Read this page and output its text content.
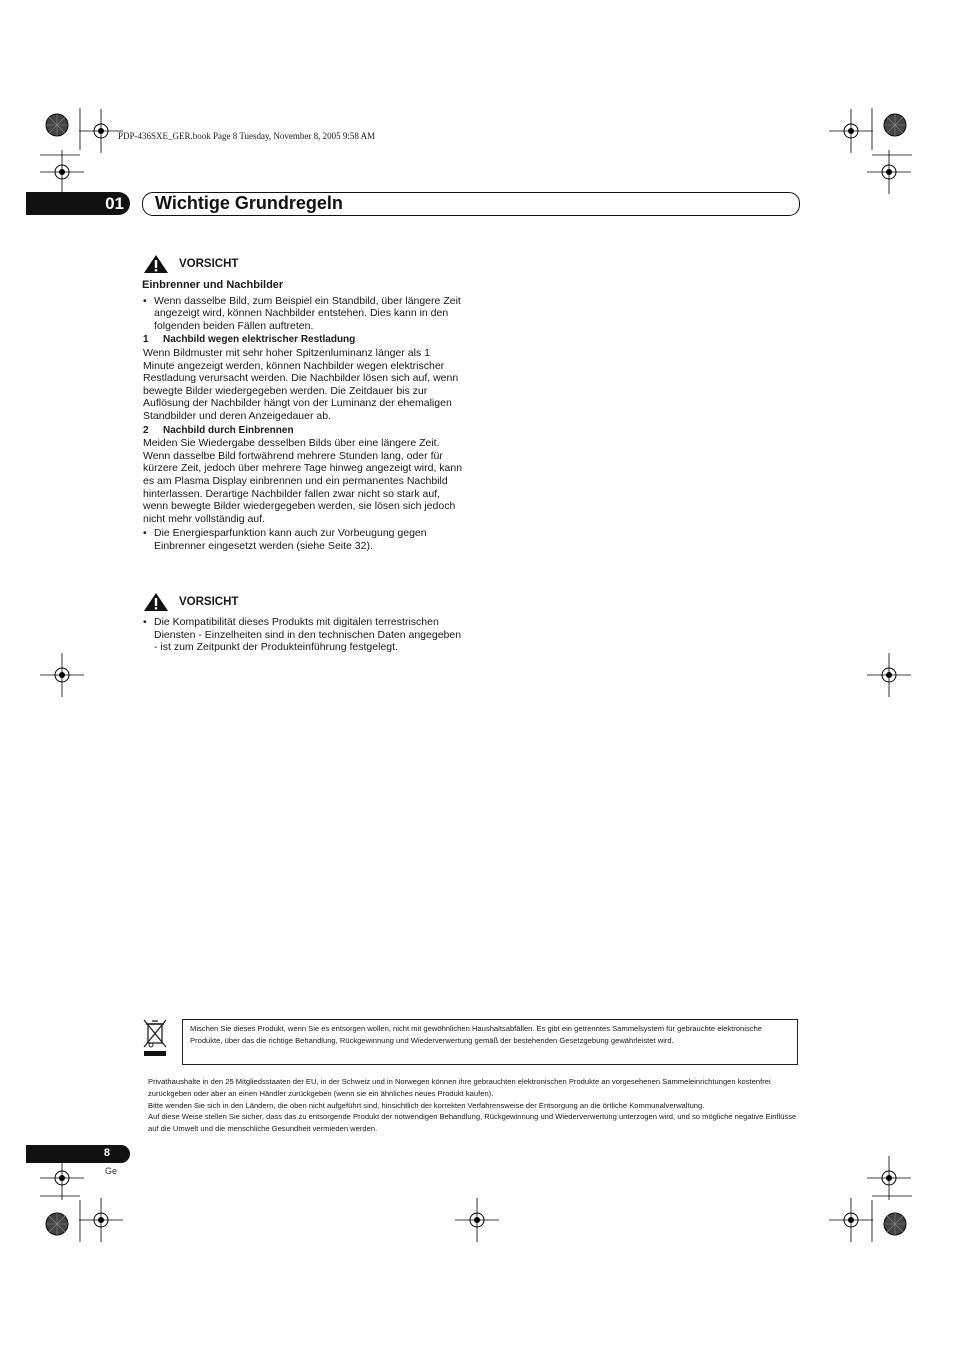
PDP-436SXE_GER.book Page 8 Tuesday, November 8, 2005 9:58 AM
01 Wichtige Grundregeln
VORSICHT
Einbrenner und Nachbilder
• Wenn dasselbe Bild, zum Beispiel ein Standbild, über längere Zeit angezeigt wird, können Nachbilder entstehen. Dies kann in den folgenden beiden Fällen auftreten.
1 Nachbild wegen elektrischer Restladung
Wenn Bildmuster mit sehr hoher Spitzenluminanz länger als 1 Minute angezeigt werden, können Nachbilder wegen elektrischer Restladung verursacht werden. Die Nachbilder lösen sich auf, wenn bewegte Bilder wiedergegeben werden. Die Zeitdauer bis zur Auflösung der Nachbilder hängt von der Luminanz der ehemaligen Standbilder und deren Anzeigedauer ab.
2 Nachbild durch Einbrennen
Meiden Sie Wiedergabe desselben Bilds über eine längere Zeit. Wenn dasselbe Bild fortwährend mehrere Stunden lang, oder für kürzere Zeit, jedoch über mehrere Tage hinweg angezeigt wird, kann es am Plasma Display einbrennen und ein permanentes Nachbild hinterlassen. Derartige Nachbilder fallen zwar nicht so stark auf, wenn bewegte Bilder wiedergegeben werden, sie lösen sich jedoch nicht mehr vollständig auf.
• Die Energiesparfunktion kann auch zur Vorbeugung gegen Einbrenner eingesetzt werden (siehe Seite 32).
VORSICHT
• Die Kompatibilität dieses Produkts mit digitalen terrestrischen Diensten - Einzelheiten sind in den technischen Daten angegeben - ist zum Zeitpunkt der Produkteinführung festgelegt.
Mischen Sie dieses Produkt, wenn Sie es entsorgen wollen, nicht mit gewöhnlichen Haushaltsabfällen. Es gibt ein getrenntes Sammelsystem für gebrauchte elektronische Produkte, über das die richtige Behandlung, Rückgewinnung und Wiederverwertung gemäß der bestehenden Gesetzgebung gewährleistet wird.
Privathaushalte in den 25 Mitgliedsstaaten der EU, in der Schweiz und in Norwegen können ihre gebrauchten elektronischen Produkte an vorgesehenen Sammeleinrichtungen kostenfrei zurückgeben oder aber an einen Händler zurückgeben (wenn sie ein ähnliches neues Produkt kaufen).
Bitte wenden Sie sich in den Ländern, die oben nicht aufgeführt sind, hinsichtlich der korrekten Verfahrensweise der Entsorgung an die örtliche Kommunalverwaltung.
Auf diese Weise stellen Sie sicher, dass das zu entsorgende Produkt der notwendigen Behandlung, Rückgewinnung und Wiederverwertung unterzogen wird, und so mögliche negative Einflüsse auf die Umwelt und die menschliche Gesundheit vermieden werden.
8
Ge
